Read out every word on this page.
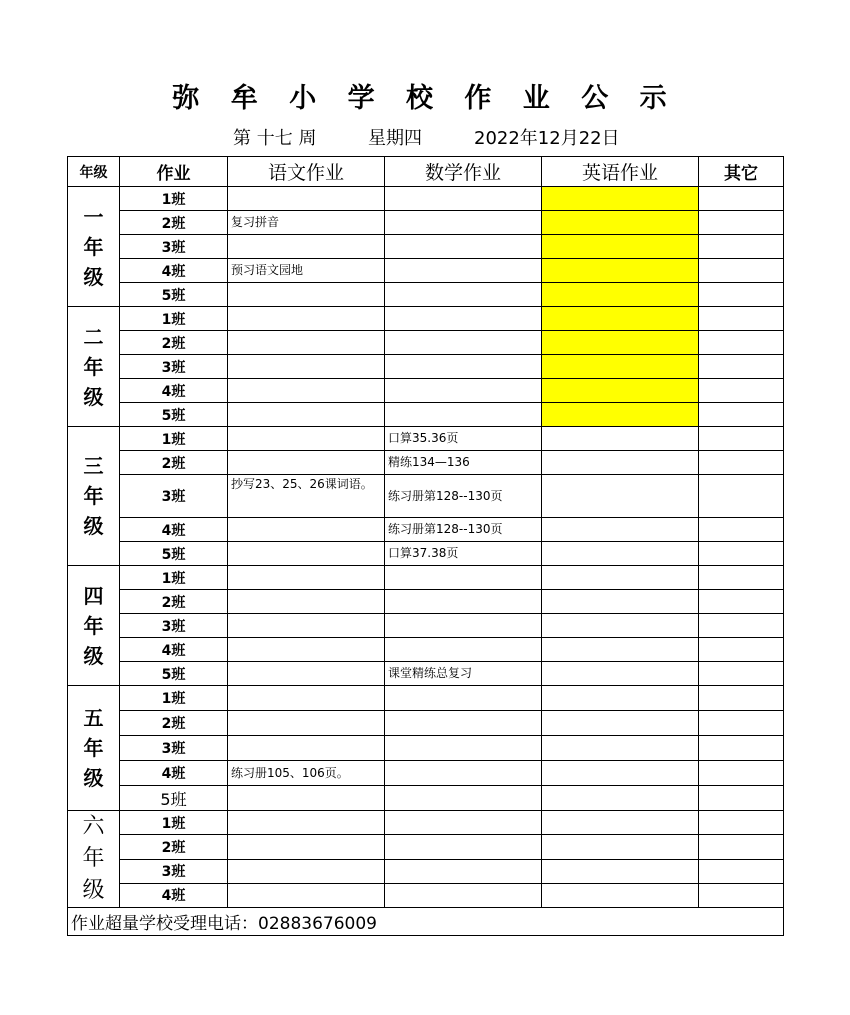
弥 牟 小 学 校 作 业 公 示
第 十七 周	星期四	2022年12月22日
年级	作业	语文作业	数学作业	英语作业	其它

一
年
级	1班				
	2班	复习拼音			
	3班				
	4班	预习语文园地			
	5班				

二
年
级	1班				
	2班				
	3班				
	4班				
	5班				

三
年
级	1班		口算35.36页		
	2班		精练134—136		
	3班	抄写23、25、26课词语。	练习册第128--130页		
	4班		练习册第128--130页		
	5班		口算37.38页		

四
年
级	1班				
	2班				
	3班				
	4班				
	5班		课堂精练总复习		

五
年
级	1班				
	2班				
	3班				
	4班	练习册105、106页。			
	5班				

六
年
级	1班				
	2班				
	3班				
	4班				
作业超量学校受理电话：02883676009					
